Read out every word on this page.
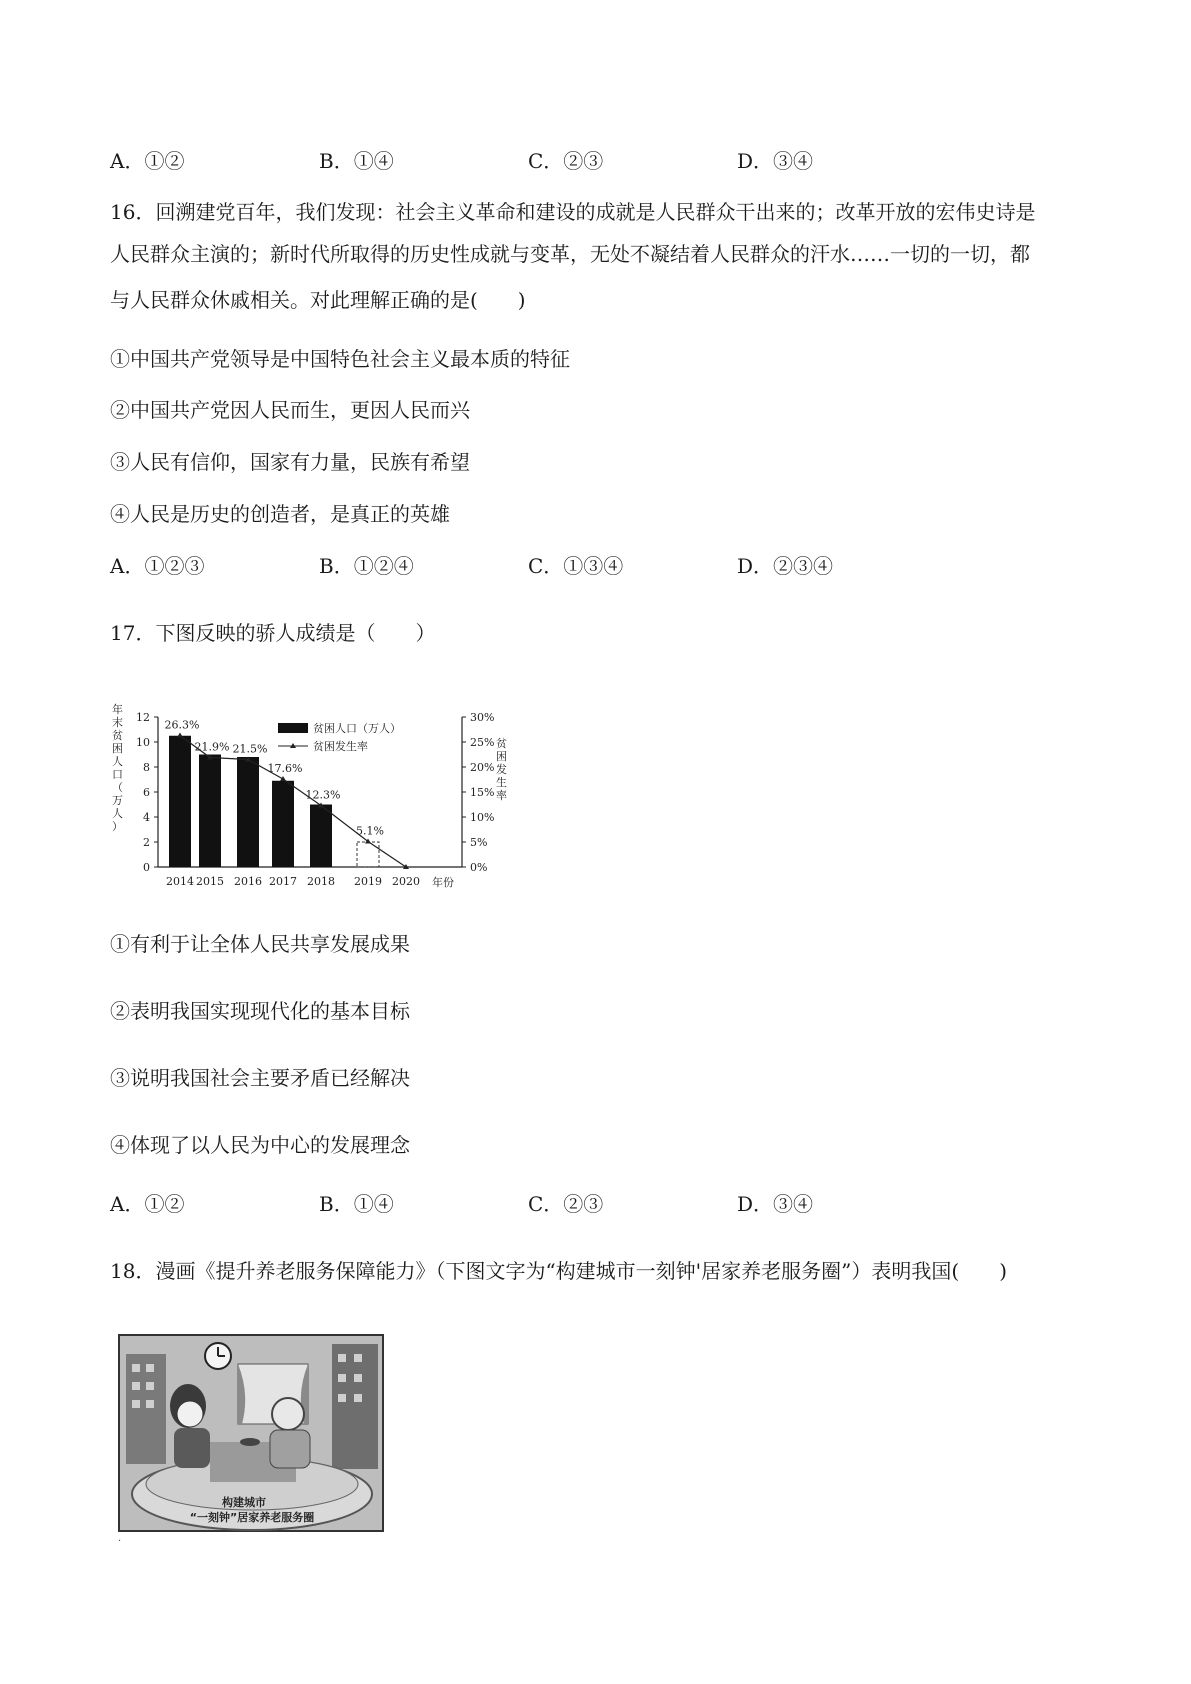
A．①②	B．①④	C．②③	D．③④
16．回溯建党百年，我们发现：社会主义革命和建设的成就是人民群众干出来的；改革开放的宏伟史诗是
人民群众主演的；新时代所取得的历史性成就与变革，无处不凝结着人民群众的汗水……一切的一切，都
与人民群众休戚相关。对此理解正确的是(　　)
①中国共产党领导是中国特色社会主义最本质的特征
②中国共产党因人民而生，更因人民而兴
③人民有信仰，国家有力量，民族有希望
④人民是历史的创造者，是真正的英雄
A．①②③	B．①②④	C．①③④	D．②③④
17．下图反映的骄人成绩是（　　）
年末贫困人口（万人）
贫困发生率
贫困人口（万人）
贫困发生率
年份
0
2
4
6
8
10
12
0%
5%
10%
15%
20%
25%
30%
2014 2015 2016 2017 2018 2019 2020
26.3%
21.9% 21.5%
17.6%
12.3%
5.1%
①有利于让全体人民共享发展成果
②表明我国实现现代化的基本目标
③说明我国社会主要矛盾已经解决
④体现了以人民为中心的发展理念
A．①②	B．①④	C．②③	D．③④
18．漫画《提升养老服务保障能力》（下图文字为“构建城市一刻钟'居家养老服务圈”）表明我国(　　)
构建城市
“一刻钟”居家养老服务圈
·
